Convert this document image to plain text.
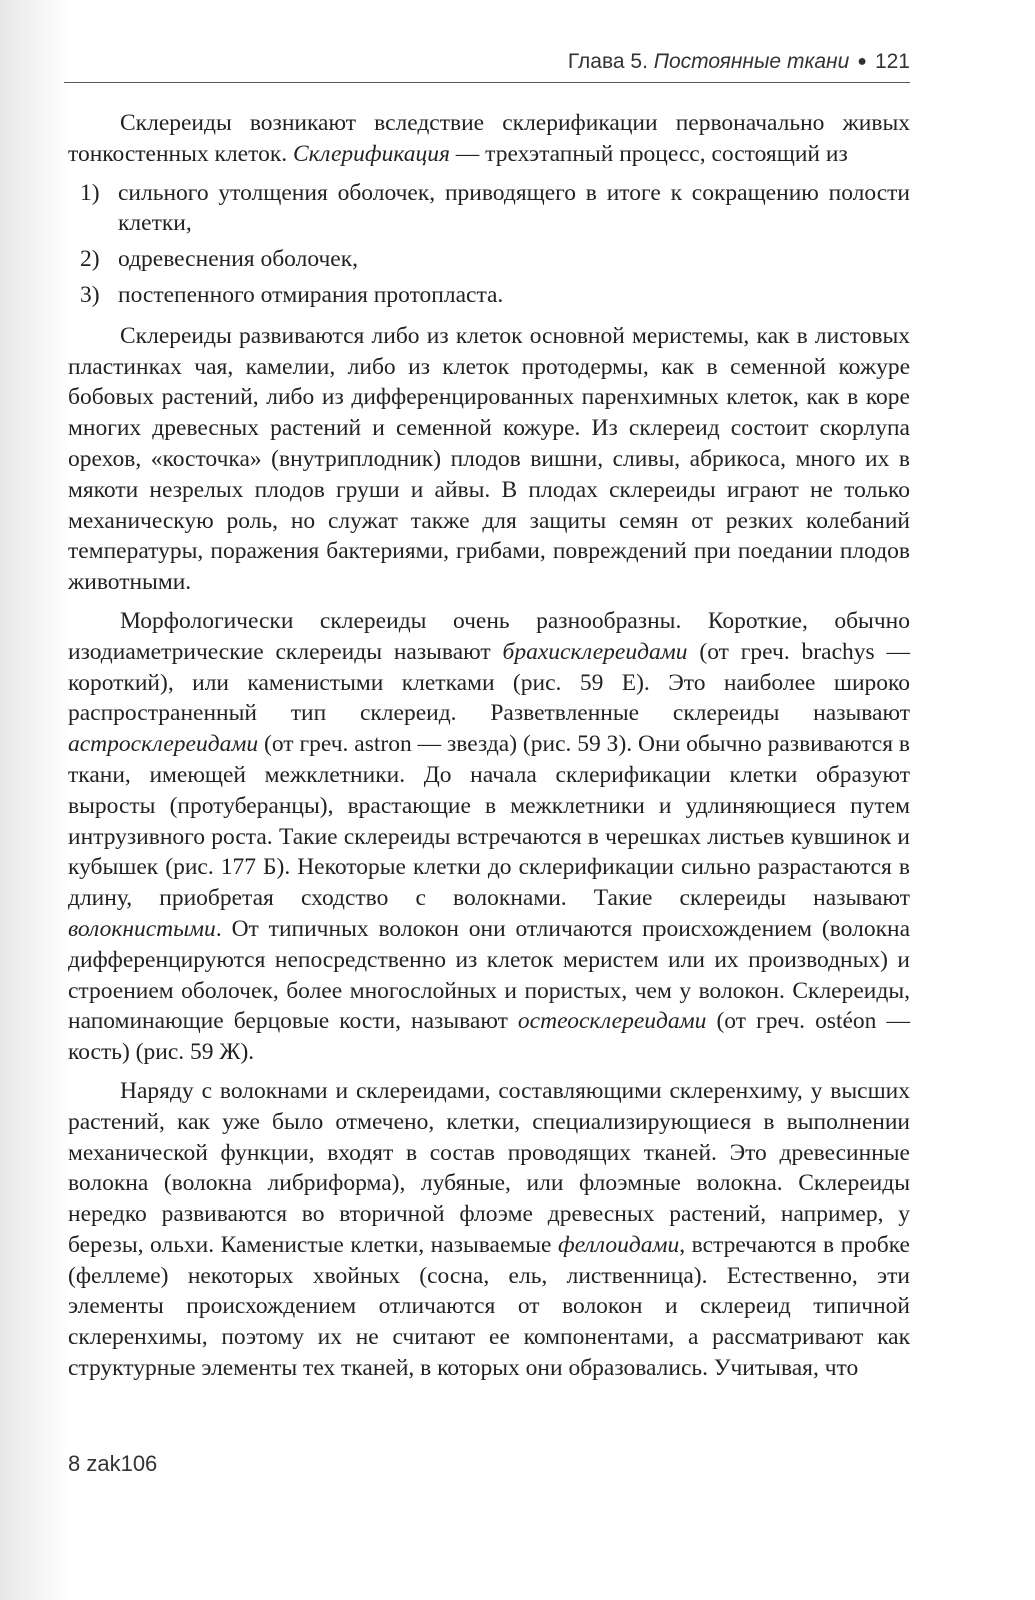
Глава 5. Постоянные ткани ● 121

Склереиды возникают вследствие склерификации первоначально живых тонкостенных клеток. Склерификация — трехэтапный процесс, состоящий из

1) сильного утолщения оболочек, приводящего в итоге к сокращению полости клетки,
2) одревеснения оболочек,
3) постепенного отмирания протопласта.

Склереиды развиваются либо из клеток основной меристемы, как в листовых пластинках чая, камелии, либо из клеток протодермы, как в семенной кожуре бобовых растений, либо из дифференцированных паренхимных клеток, как в коре многих древесных растений и семенной кожуре. Из склереид состоит скорлупа орехов, «косточка» (внутриплодник) плодов вишни, сливы, абрикоса, много их в мякоти незрелых плодов груши и айвы. В плодах склереиды играют не только механическую роль, но служат также для защиты семян от резких колебаний температуры, поражения бактериями, грибами, повреждений при поедании плодов животными.

Морфологически склереиды очень разнообразны. Короткие, обычно изодиаметрические склереиды называют брахисклереидами (от греч. brachys — короткий), или каменистыми клетками (рис. 59 Е). Это наиболее широко распространенный тип склереид. Разветвленные склереиды называют астросклереидами (от греч. astron — звезда) (рис. 59 З). Они обычно развиваются в ткани, имеющей межклетники. До начала склерификации клетки образуют выросты (протуберанцы), врастающие в межклетники и удлиняющиеся путем интрузивного роста. Такие склереиды встречаются в черешках листьев кувшинок и кубышек (рис. 177 Б). Некоторые клетки до склерификации сильно разрастаются в длину, приобретая сходство с волокнами. Такие склереиды называют волокнистыми. От типичных волокон они отличаются происхождением (волокна дифференцируются непосредственно из клеток меристем или их производных) и строением оболочек, более многослойных и пористых, чем у волокон. Склереиды, напоминающие берцовые кости, называют остеосклереидами (от греч. ostéon — кость) (рис. 59 Ж).

Наряду с волокнами и склереидами, составляющими склеренхиму, у высших растений, как уже было отмечено, клетки, специализирующиеся в выполнении механической функции, входят в состав проводящих тканей. Это древесинные волокна (волокна либриформа), лубяные, или флоэмные волокна. Склереиды нередко развиваются во вторичной флоэме древесных растений, например, у березы, ольхи. Каменистые клетки, называемые феллоидами, встречаются в пробке (феллеме) некоторых хвойных (сосна, ель, лиственница). Естественно, эти элементы происхождением отличаются от волокон и склереид типичной склеренхимы, поэтому их не считают ее компонентами, а рассматривают как структурные элементы тех тканей, в которых они образовались. Учитывая, что

8 zak106
